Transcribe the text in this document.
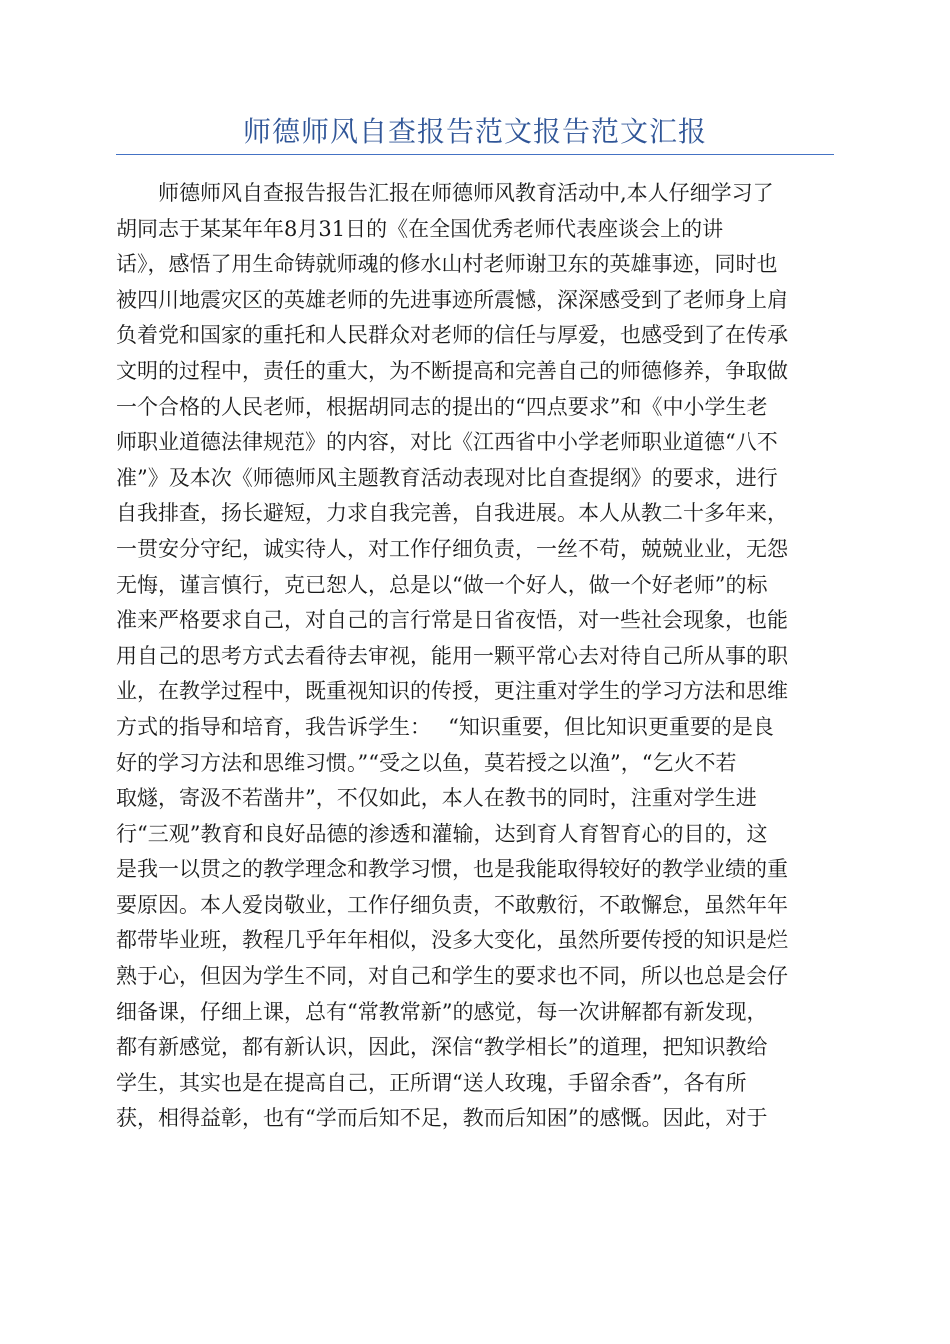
师德师风自查报告范文报告范文汇报
师德师风自查报告报告汇报在师德师风教育活动中,本人仔细学习了
胡同志于某某年年8月31日的《在全国优秀老师代表座谈会上的讲
话》，感悟了用生命铸就师魂的修水山村老师谢卫东的英雄事迹，同时也
被四川地震灾区的英雄老师的先进事迹所震憾，深深感受到了老师身上肩
负着党和国家的重托和人民群众对老师的信任与厚爱，也感受到了在传承
文明的过程中，责任的重大，为不断提高和完善自己的师德修养，争取做
一个合格的人民老师，根据胡同志的提出的“四点要求”和《中小学生老
师职业道德法律规范》的内容，对比《江西省中小学老师职业道德“八不
准”》及本次《师德师风主题教育活动表现对比自查提纲》的要求，进行
自我排查，扬长避短，力求自我完善，自我进展。本人从教二十多年来，
一贯安分守纪，诚实待人，对工作仔细负责，一丝不苟，兢兢业业，无怨
无悔，谨言慎行，克已恕人，总是以“做一个好人，做一个好老师”的标
准来严格要求自己，对自己的言行常是日省夜悟，对一些社会现象，也能
用自己的思考方式去看待去审视，能用一颗平常心去对待自己所从事的职
业，在教学过程中，既重视知识的传授，更注重对学生的学习方法和思维
方式的指导和培育，我告诉学生：　 “知识重要，但比知识更重要的是良
好的学习方法和思维习惯。”“受之以鱼，莫若授之以渔”，“乞火不若
取燧，寄汲不若凿井”，不仅如此，本人在教书的同时，注重对学生进
行“三观”教育和良好品德的渗透和灌输，达到育人育智育心的目的，这
是我一以贯之的教学理念和教学习惯，也是我能取得较好的教学业绩的重
要原因。本人爱岗敬业，工作仔细负责，不敢敷衍，不敢懈怠，虽然年年
都带毕业班，教程几乎年年相似，没多大变化，虽然所要传授的知识是烂
熟于心，但因为学生不同，对自己和学生的要求也不同，所以也总是会仔
细备课，仔细上课，总有“常教常新”的感觉，每一次讲解都有新发现，
都有新感觉，都有新认识，因此，深信“教学相长”的道理，把知识教给
学生，其实也是在提高自己，正所谓“送人玫瑰，手留余香”，各有所
获，相得益彰，也有“学而后知不足，教而后知困”的感慨。因此，对于
